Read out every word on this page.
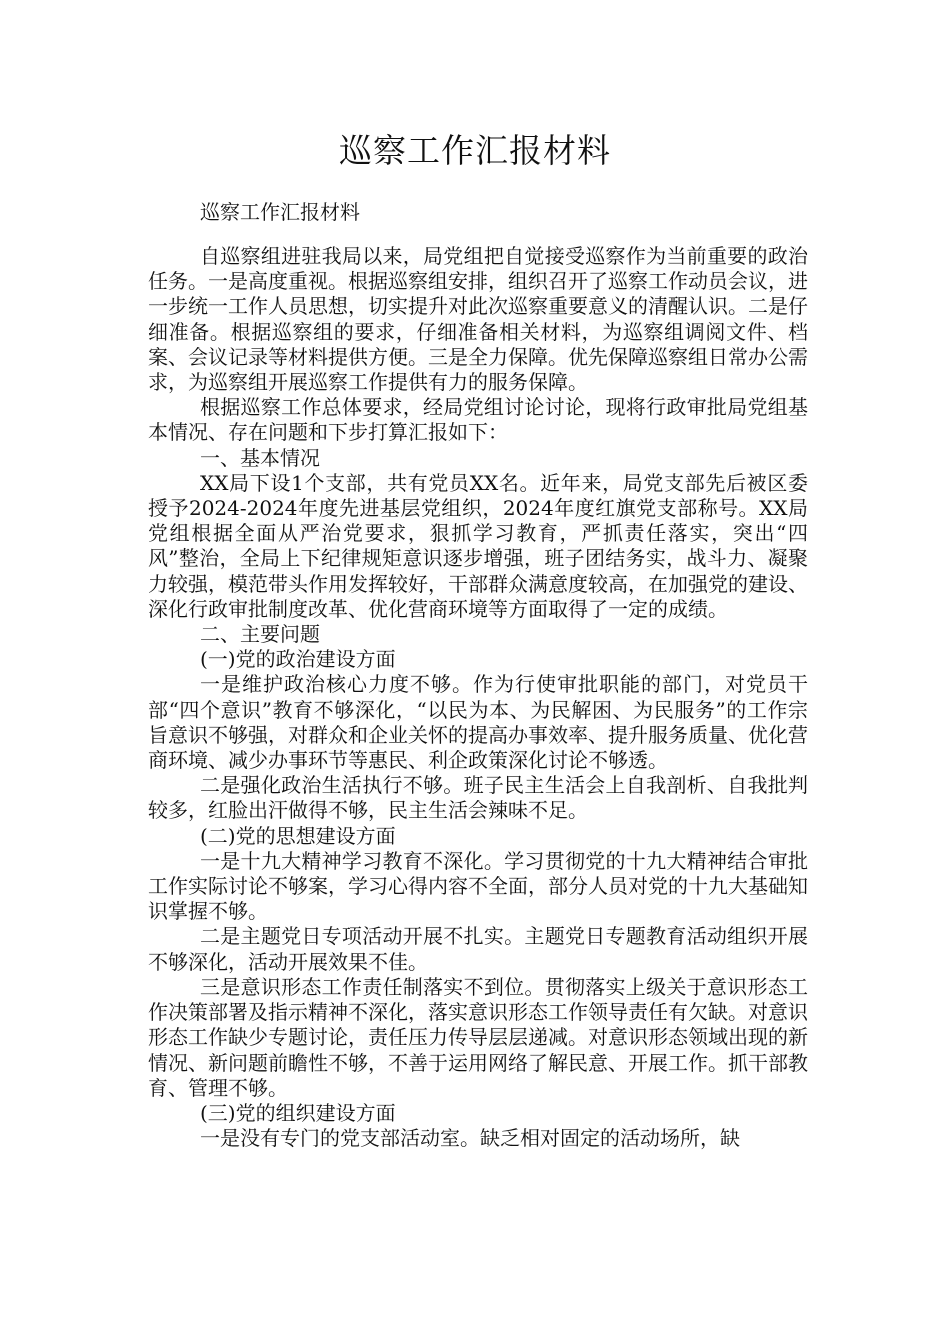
巡察工作汇报材料

巡察工作汇报材料

自巡察组进驻我局以来，局党组把自觉接受巡察作为当前重要的政治任务。一是高度重视。根据巡察组安排，组织召开了巡察工作动员会议，进一步统一工作人员思想，切实提升对此次巡察重要意义的清醒认识。二是仔细准备。根据巡察组的要求，仔细准备相关材料，为巡察组调阅文件、档案、会议记录等材料提供方便。三是全力保障。优先保障巡察组日常办公需求，为巡察组开展巡察工作提供有力的服务保障。

根据巡察工作总体要求，经局党组讨论讨论，现将行政审批局党组基本情况、存在问题和下步打算汇报如下：

一、基本情况

XX局下设1个支部，共有党员XX名。近年来，局党支部先后被区委授予2024-2024年度先进基层党组织，2024年度红旗党支部称号。XX局党组根据全面从严治党要求，狠抓学习教育，严抓责任落实，突出“四风”整治，全局上下纪律规矩意识逐步增强，班子团结务实，战斗力、凝聚力较强，模范带头作用发挥较好，干部群众满意度较高，在加强党的建设、深化行政审批制度改革、优化营商环境等方面取得了一定的成绩。

二、主要问题

(一)党的政治建设方面

一是维护政治核心力度不够。作为行使审批职能的部门，对党员干部“四个意识”教育不够深化，“以民为本、为民解困、为民服务”的工作宗旨意识不够强，对群众和企业关怀的提高办事效率、提升服务质量、优化营商环境、减少办事环节等惠民、利企政策深化讨论不够透。

二是强化政治生活执行不够。班子民主生活会上自我剖析、自我批判较多，红脸出汗做得不够，民主生活会辣味不足。

(二)党的思想建设方面

一是十九大精神学习教育不深化。学习贯彻党的十九大精神结合审批工作实际讨论不够案，学习心得内容不全面，部分人员对党的十九大基础知识掌握不够。

二是主题党日专项活动开展不扎实。主题党日专题教育活动组织开展不够深化，活动开展效果不佳。

三是意识形态工作责任制落实不到位。贯彻落实上级关于意识形态工作决策部署及指示精神不深化，落实意识形态工作领导责任有欠缺。对意识形态工作缺少专题讨论，责任压力传导层层递减。对意识形态领域出现的新情况、新问题前瞻性不够，不善于运用网络了解民意、开展工作。抓干部教育、管理不够。

(三)党的组织建设方面

一是没有专门的党支部活动室。缺乏相对固定的活动场所，缺
